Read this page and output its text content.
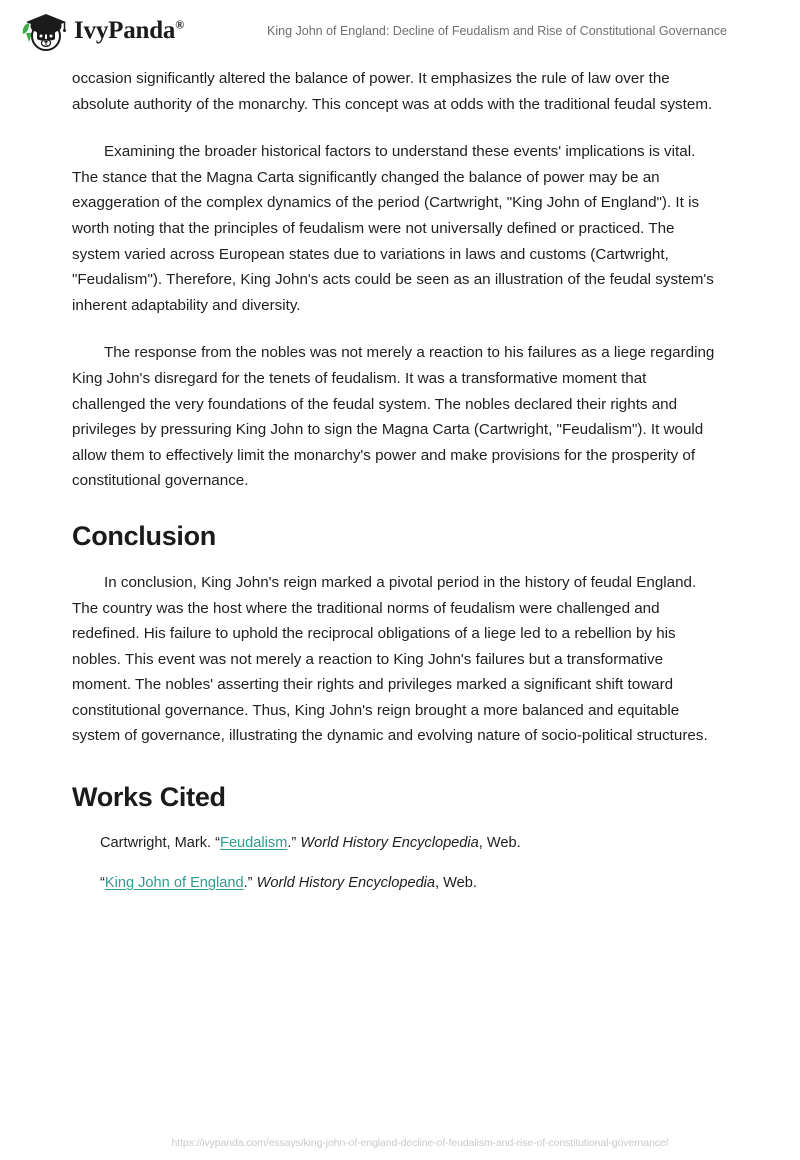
IvyPanda®	King John of England: Decline of Feudalism and Rise of Constitutional Governance

occasion significantly altered the balance of power. It emphasizes the rule of law over the absolute authority of the monarchy. This concept was at odds with the traditional feudal system.

Examining the broader historical factors to understand these events' implications is vital. The stance that the Magna Carta significantly changed the balance of power may be an exaggeration of the complex dynamics of the period (Cartwright, "King John of England"). It is worth noting that the principles of feudalism were not universally defined or practiced. The system varied across European states due to variations in laws and customs (Cartwright, "Feudalism"). Therefore, King John's acts could be seen as an illustration of the feudal system's inherent adaptability and diversity.

The response from the nobles was not merely a reaction to his failures as a liege regarding King John's disregard for the tenets of feudalism. It was a transformative moment that challenged the very foundations of the feudal system. The nobles declared their rights and privileges by pressuring King John to sign the Magna Carta (Cartwright, "Feudalism"). It would allow them to effectively limit the monarchy's power and make provisions for the prosperity of constitutional governance.

Conclusion

In conclusion, King John's reign marked a pivotal period in the history of feudal England. The country was the host where the traditional norms of feudalism were challenged and redefined. His failure to uphold the reciprocal obligations of a liege led to a rebellion by his nobles. This event was not merely a reaction to King John's failures but a transformative moment. The nobles' asserting their rights and privileges marked a significant shift toward constitutional governance. Thus, King John's reign brought a more balanced and equitable system of governance, illustrating the dynamic and evolving nature of socio-political structures.

Works Cited
Cartwright, Mark. “Feudalism.” World History Encyclopedia, Web.
“King John of England.” World History Encyclopedia, Web.
https://ivypanda.com/essays/king-john-of-england-decline-of-feudalism-and-rise-of-constitutional-governance/
